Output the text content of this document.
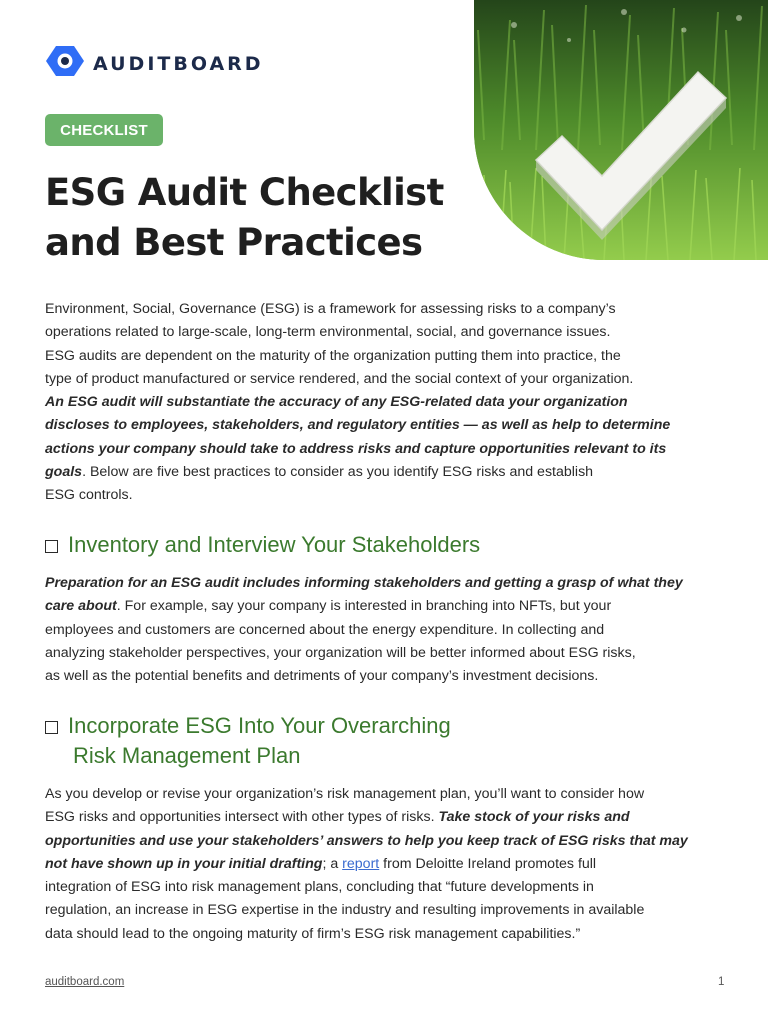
AUDITBOARD
CHECKLIST
ESG Audit Checklist
and Best Practices

Environment, Social, Governance (ESG) is a framework for assessing risks to a company’s
operations related to large-scale, long-term environmental, social, and governance issues.
ESG audits are dependent on the maturity of the organization putting them into practice, the
type of product manufactured or service rendered, and the social context of your organization.
An ESG audit will substantiate the accuracy of any ESG-related data your organization
discloses to employees, stakeholders, and regulatory entities — as well as help to determine
actions your company should take to address risks and capture opportunities relevant to its
goals. Below are five best practices to consider as you identify ESG risks and establish
ESG controls.

Inventory and Interview Your Stakeholders

Preparation for an ESG audit includes informing stakeholders and getting a grasp of what they
care about. For example, say your company is interested in branching into NFTs, but your
employees and customers are concerned about the energy expenditure. In collecting and
analyzing stakeholder perspectives, your organization will be better informed about ESG risks,
as well as the potential benefits and detriments of your company’s investment decisions.

Incorporate ESG Into Your Overarching
Risk Management Plan

As you develop or revise your organization’s risk management plan, you’ll want to consider how
ESG risks and opportunities intersect with other types of risks. Take stock of your risks and
opportunities and use your stakeholders’ answers to help you keep track of ESG risks that may
not have shown up in your initial drafting; a report from Deloitte Ireland promotes full
integration of ESG into risk management plans, concluding that “future developments in
regulation, an increase in ESG expertise in the industry and resulting improvements in available
data should lead to the ongoing maturity of firm’s ESG risk management capabilities.”

auditboard.com	1
